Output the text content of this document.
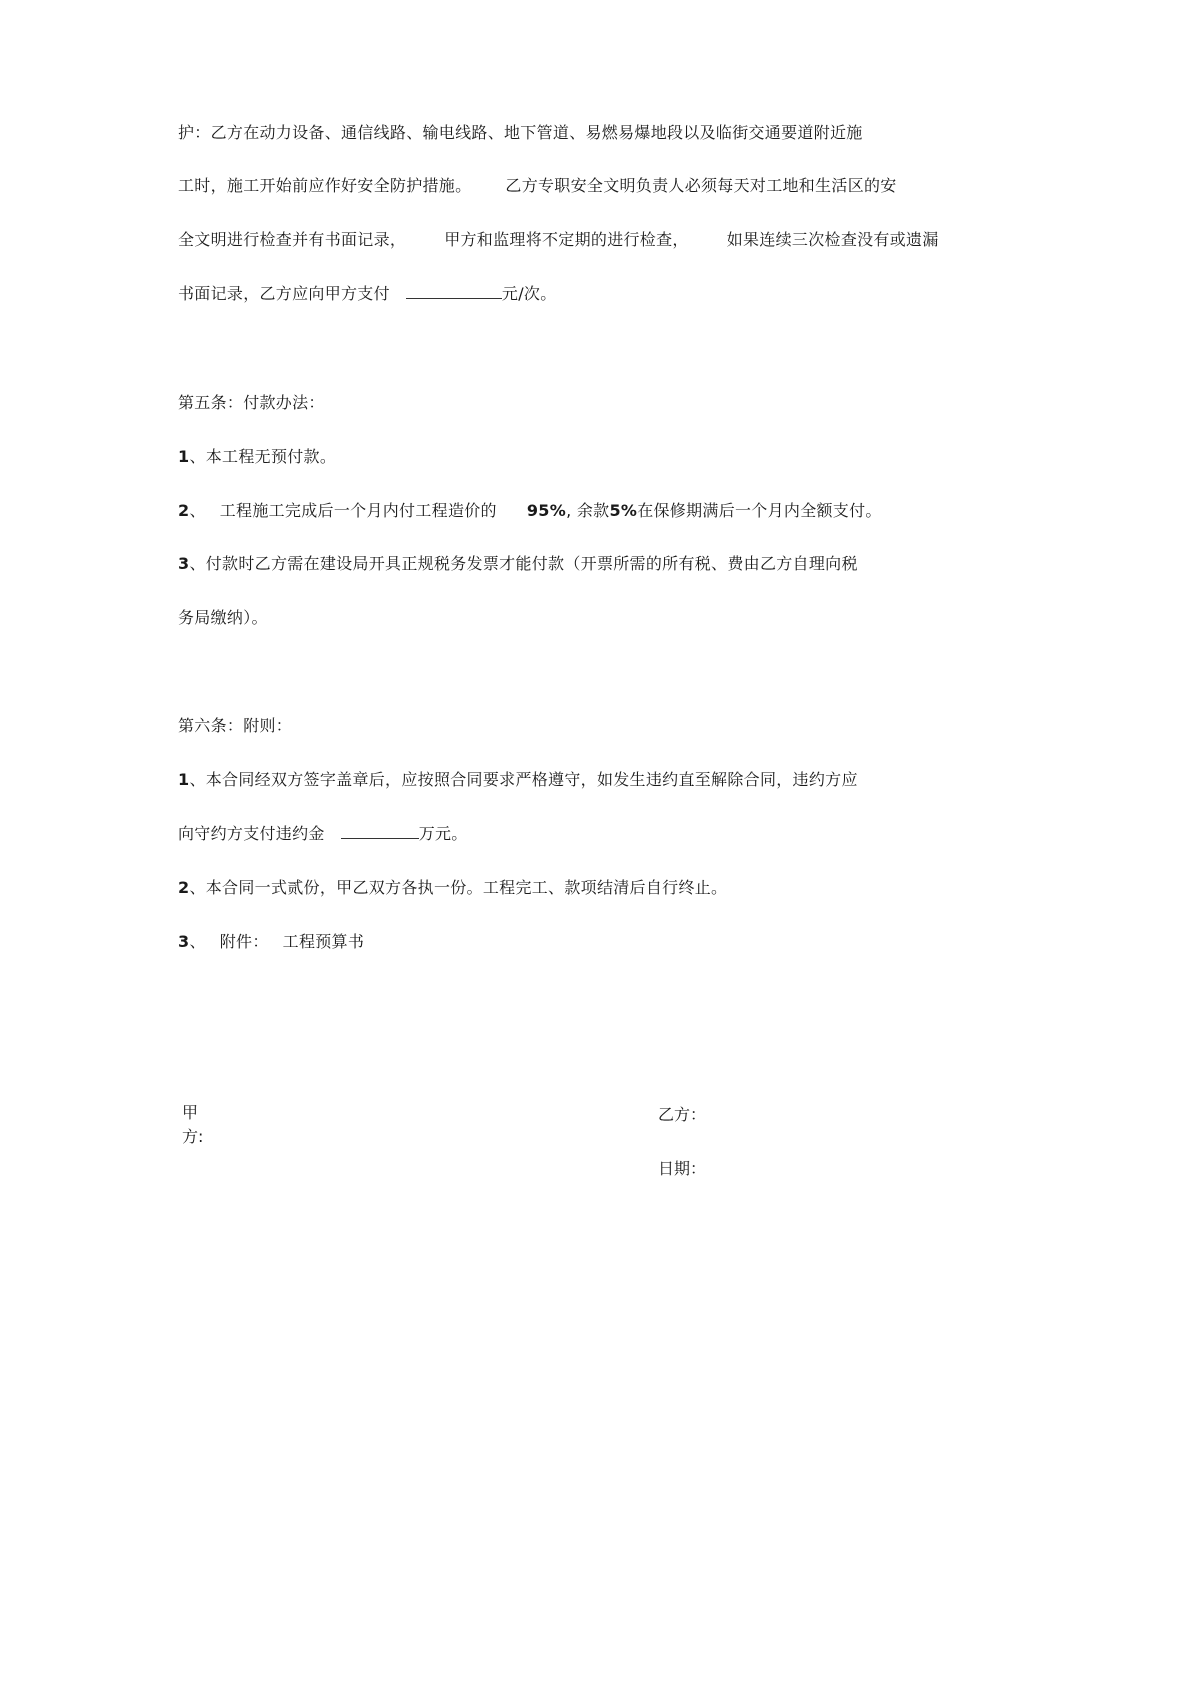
护：乙方在动力设备、通信线路、输电线路、地下管道、易燃易爆地段以及临街交通要道附近施
工时，施工开始前应作好安全防护措施。 乙方专职安全文明负责人必须每天对工地和生活区的安
全文明进行检查并有书面记录， 甲方和监理将不定期的进行检查， 如果连续三次检查没有或遗漏
书面记录，乙方应向甲方支付	元/次。
第五条：付款办法：
1、本工程无预付款。
2、 工程施工完成后一个月内付工程造价的 95%, 余款5%在保修期满后一个月内全额支付。
3、付款时乙方需在建设局开具正规税务发票才能付款（开票所需的所有税、费由乙方自理向税
务局缴纳）。
第六条：附则：
1、本合同经双方签字盖章后，应按照合同要求严格遵守，如发生违约直至解除合同，违约方应
向守约方支付违约金	万元。
2、本合同一式贰份，甲乙双方各执一份。工程完工、款项结清后自行终止。
3、 附件： 工程预算书
甲
方:
乙方：
日期：
